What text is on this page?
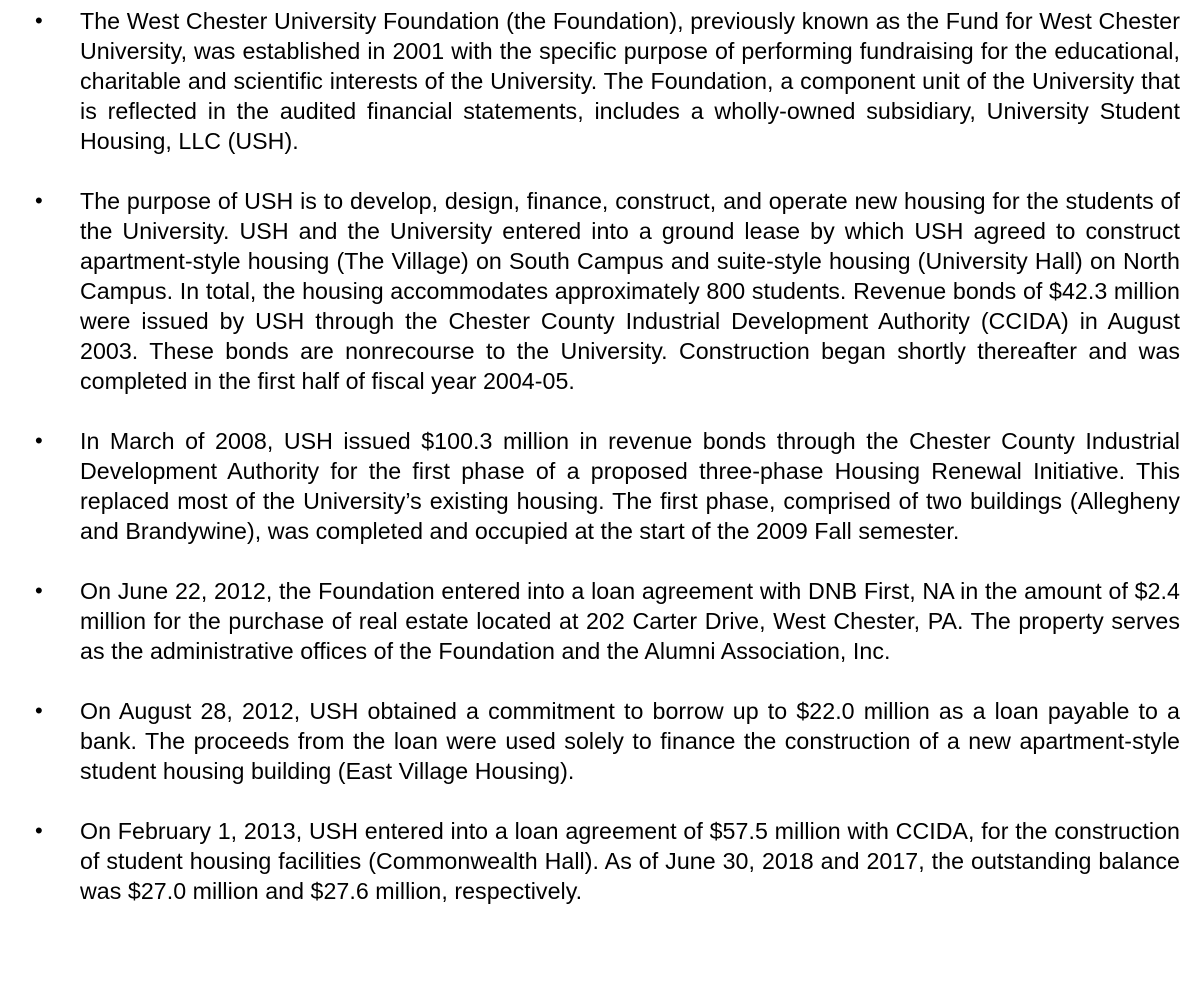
•	The West Chester University Foundation (the Foundation), previously known as the Fund for West Chester University, was established in 2001 with the specific purpose of performing fundraising for the educational, charitable and scientific interests of the University. The Foundation, a component unit of the University that is reflected in the audited financial statements, includes a wholly-owned subsidiary, University Student Housing, LLC (USH).
•	The purpose of USH is to develop, design, finance, construct, and operate new housing for the students of the University. USH and the University entered into a ground lease by which USH agreed to construct apartment-style housing (The Village) on South Campus and suite-style housing (University Hall) on North Campus. In total, the housing accommodates approximately 800 students. Revenue bonds of $42.3 million were issued by USH through the Chester County Industrial Development Authority (CCIDA) in August 2003. These bonds are nonrecourse to the University. Construction began shortly thereafter and was completed in the first half of fiscal year 2004-05.
•	In March of 2008, USH issued $100.3 million in revenue bonds through the Chester County Industrial Development Authority for the first phase of a proposed three-phase Housing Renewal Initiative. This replaced most of the University’s existing housing. The first phase, comprised of two buildings (Allegheny and Brandywine), was completed and occupied at the start of the 2009 Fall semester.
•	On June 22, 2012, the Foundation entered into a loan agreement with DNB First, NA in the amount of $2.4 million for the purchase of real estate located at 202 Carter Drive, West Chester, PA. The property serves as the administrative offices of the Foundation and the Alumni Association, Inc.
•	On August 28, 2012, USH obtained a commitment to borrow up to $22.0 million as a loan payable to a bank. The proceeds from the loan were used solely to finance the construction of a new apartment-style student housing building (East Village Housing).
•	On February 1, 2013, USH entered into a loan agreement of $57.5 million with CCIDA, for the construction of student housing facilities (Commonwealth Hall). As of June 30, 2018 and 2017, the outstanding balance was $27.0 million and $27.6 million, respectively.
